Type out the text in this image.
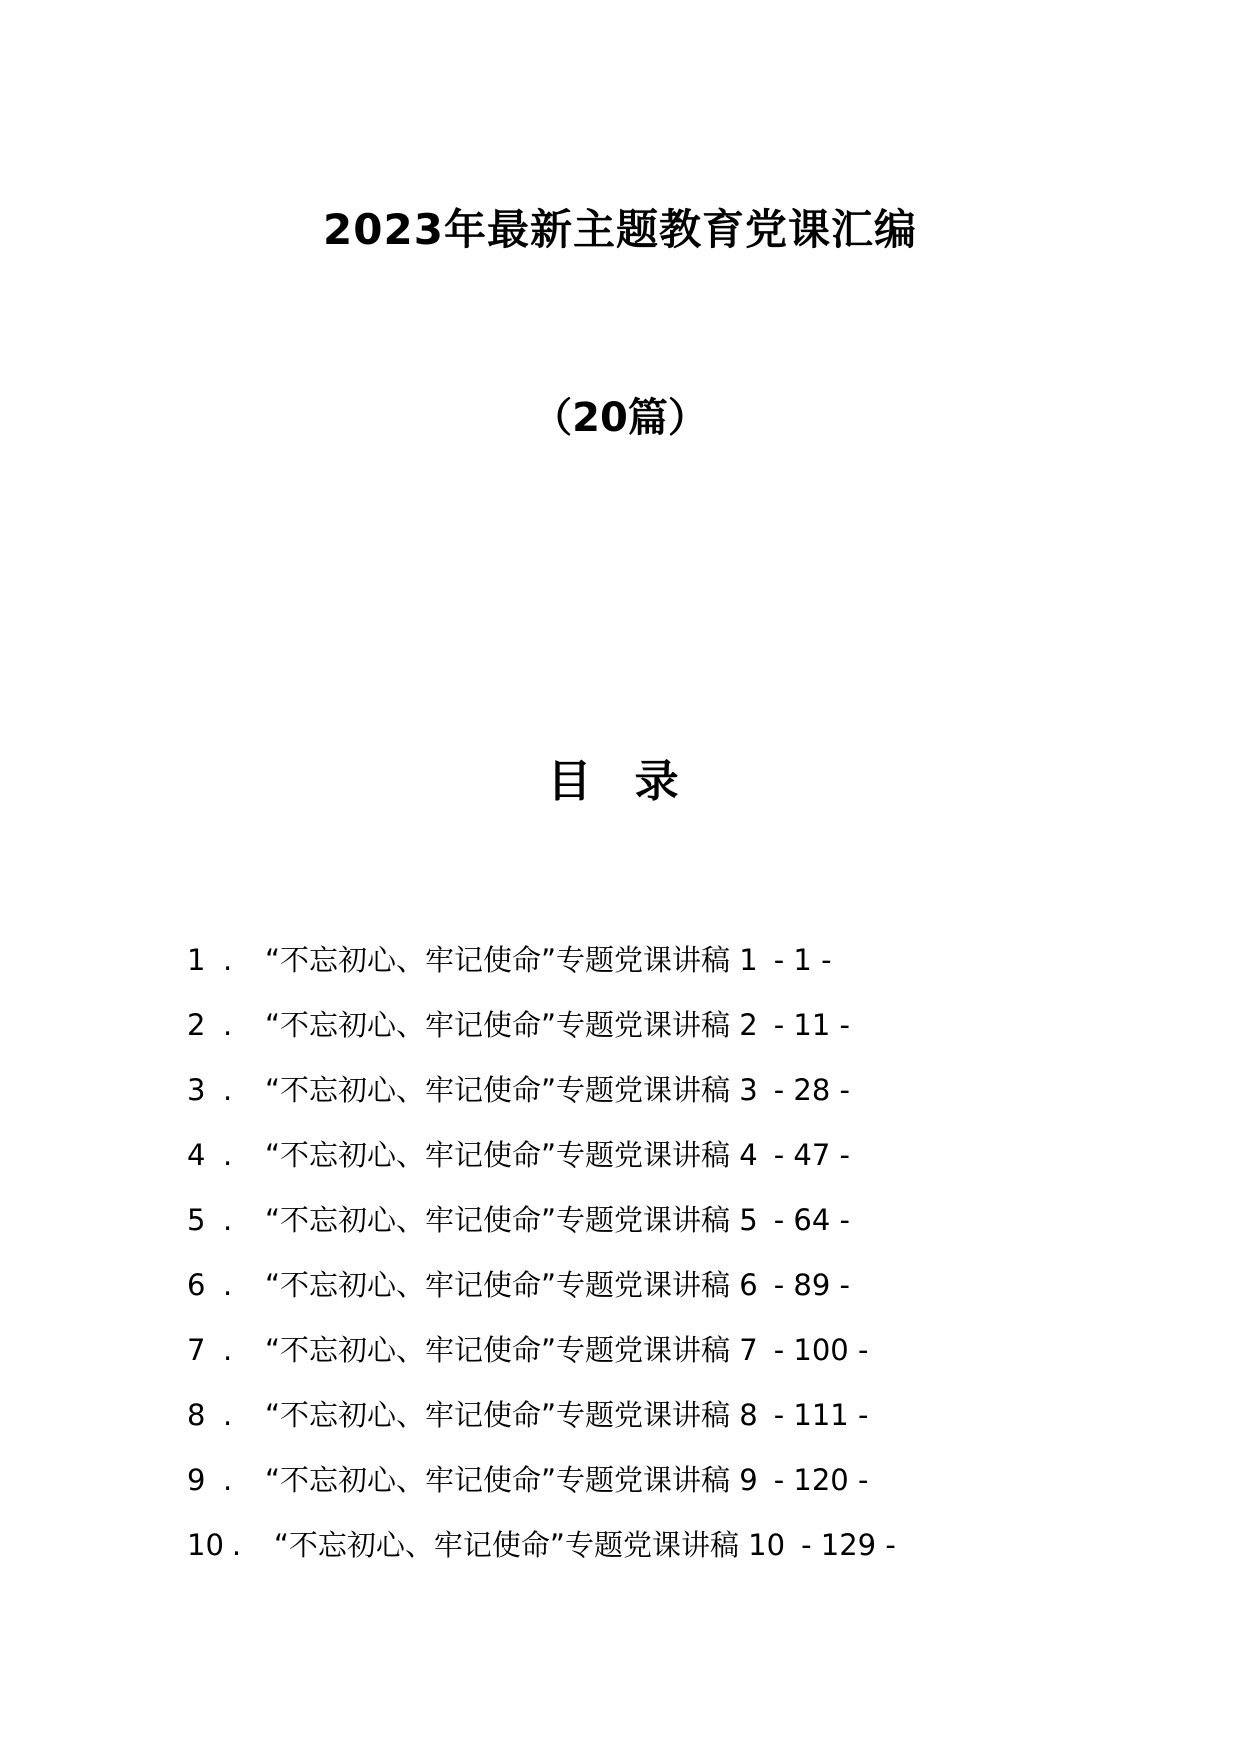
2023年最新主题教育党课汇编
（20篇）
目 录
1 . “不忘初心、牢记使命”专题党课讲稿 1 - 1 -
2 . “不忘初心、牢记使命”专题党课讲稿 2 - 11 -
3 . “不忘初心、牢记使命”专题党课讲稿 3 - 28 -
4 . “不忘初心、牢记使命”专题党课讲稿 4 - 47 -
5 . “不忘初心、牢记使命”专题党课讲稿 5 - 64 -
6 . “不忘初心、牢记使命”专题党课讲稿 6 - 89 -
7 . “不忘初心、牢记使命”专题党课讲稿 7 - 100 -
8 . “不忘初心、牢记使命”专题党课讲稿 8 - 111 -
9 . “不忘初心、牢记使命”专题党课讲稿 9 - 120 -
10 . “不忘初心、牢记使命”专题党课讲稿 10 - 129 -
